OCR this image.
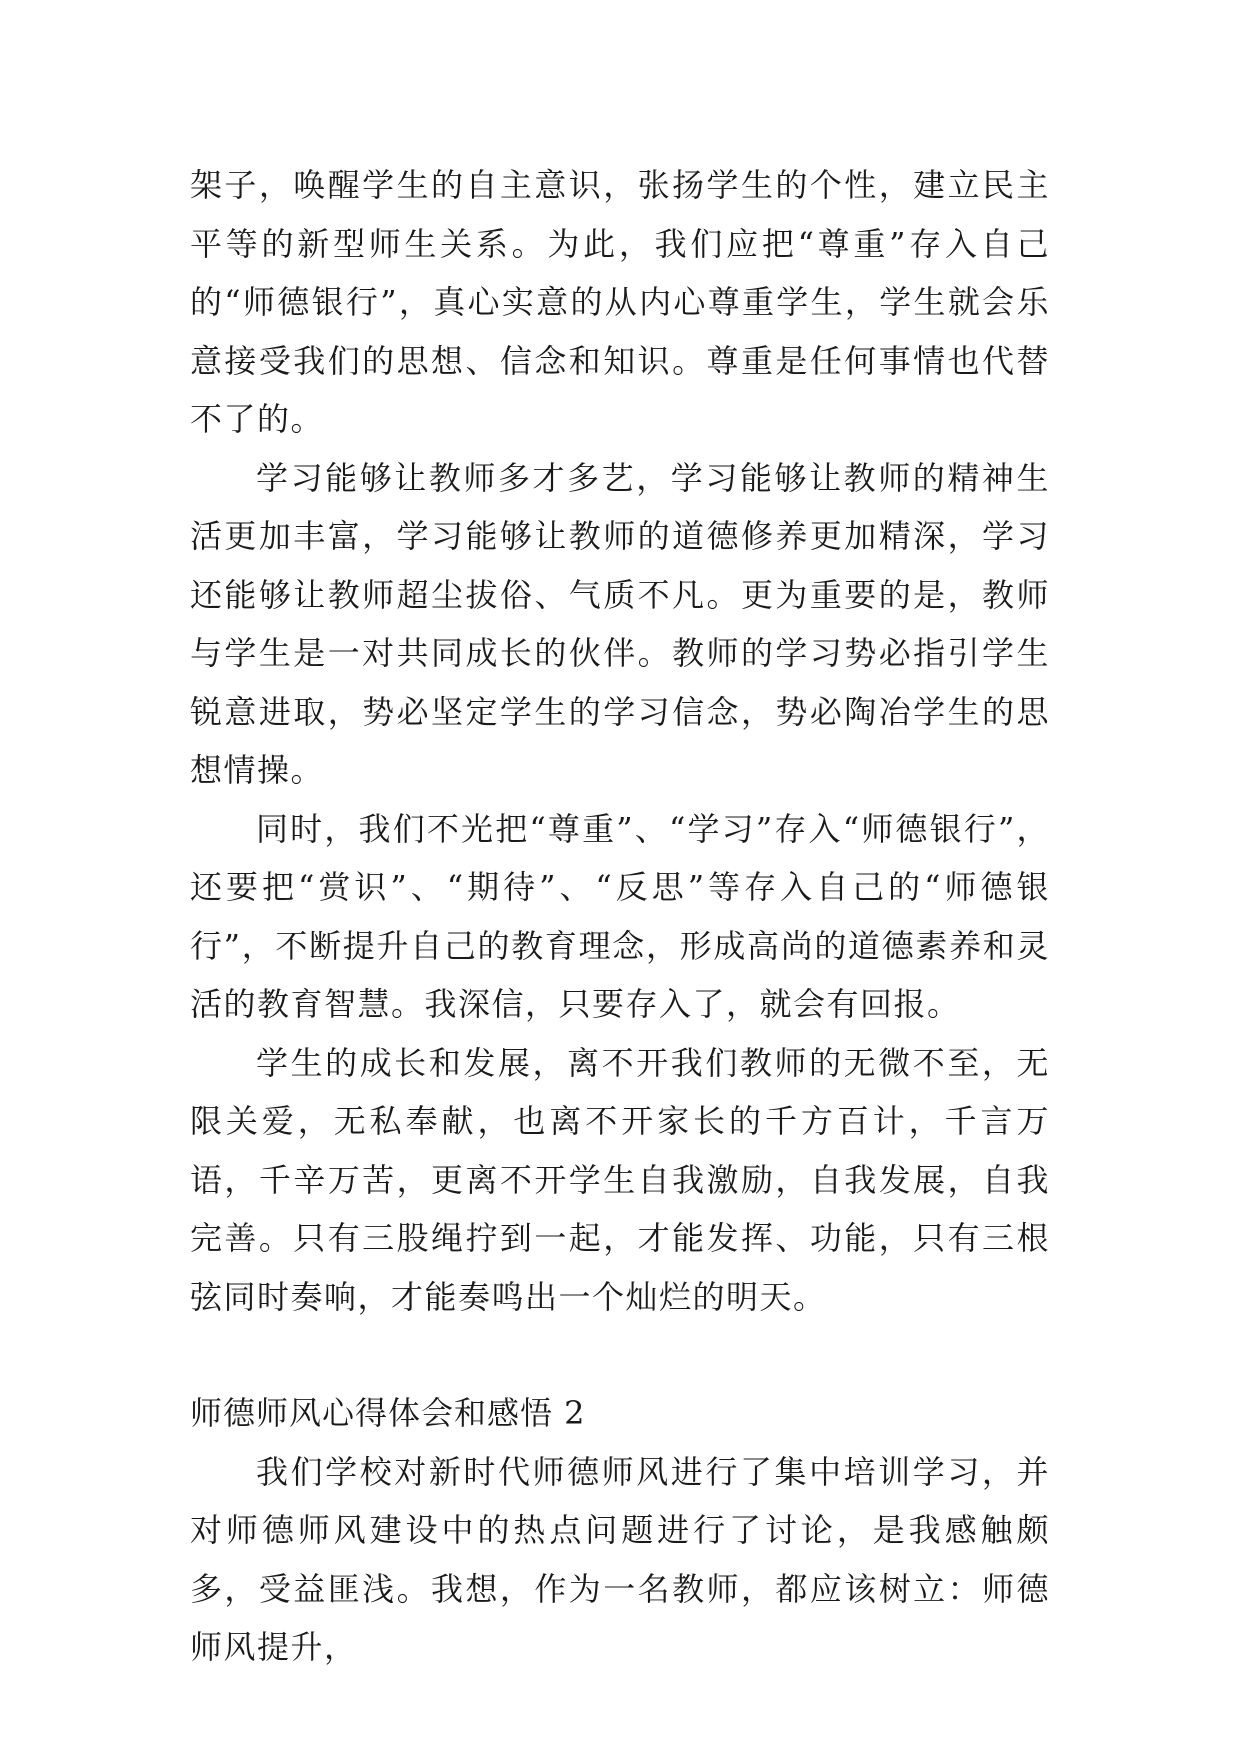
架子，唤醒学生的自主意识，张扬学生的个性，建立民主平等的新型师生关系。为此，我们应把“尊重”存入自己的“师德银行”，真心实意的从内心尊重学生，学生就会乐意接受我们的思想、信念和知识。尊重是任何事情也代替不了的。

学习能够让教师多才多艺，学习能够让教师的精神生活更加丰富，学习能够让教师的道德修养更加精深，学习还能够让教师超尘拔俗、气质不凡。更为重要的是，教师与学生是一对共同成长的伙伴。教师的学习势必指引学生锐意进取，势必坚定学生的学习信念，势必陶冶学生的思想情操。

同时，我们不光把“尊重”、“学习”存入“师德银行”，还要把“赏识”、“期待”、“反思”等存入自己的“师德银行”，不断提升自己的教育理念，形成高尚的道德素养和灵活的教育智慧。我深信，只要存入了，就会有回报。

学生的成长和发展，离不开我们教师的无微不至，无限关爱，无私奉献，也离不开家长的千方百计，千言万语，千辛万苦，更离不开学生自我激励，自我发展，自我完善。只有三股绳拧到一起，才能发挥、功能，只有三根弦同时奏响，才能奏鸣出一个灿烂的明天。

师德师风心得体会和感悟 2

我们学校对新时代师德师风进行了集中培训学习，并对师德师风建设中的热点问题进行了讨论，是我感触颇多，受益匪浅。我想，作为一名教师，都应该树立：师德师风提升，
